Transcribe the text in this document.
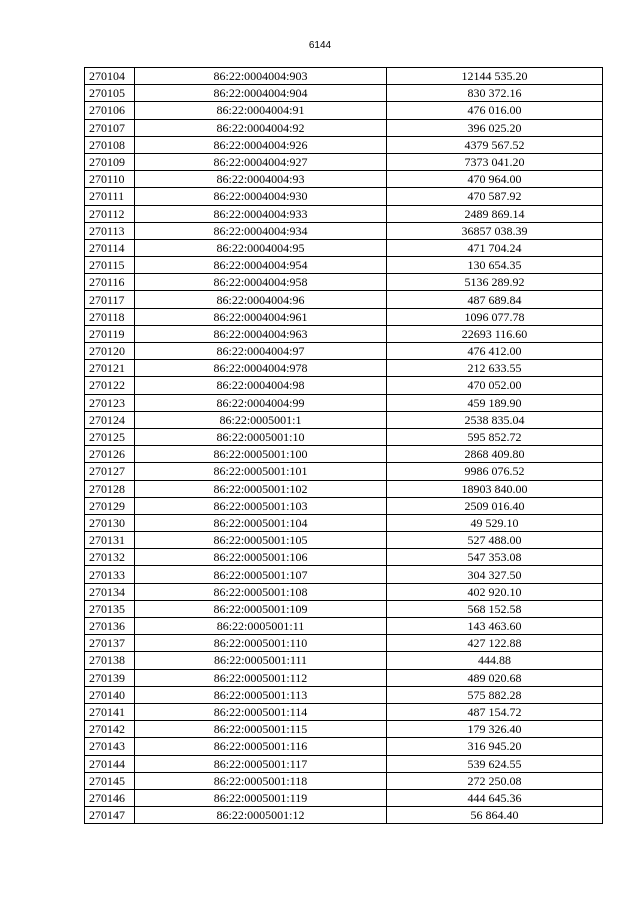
6144
270104	86:22:0004004:903	12144 535.20
270105	86:22:0004004:904	830 372.16
270106	86:22:0004004:91	476 016.00
270107	86:22:0004004:92	396 025.20
270108	86:22:0004004:926	4379 567.52
270109	86:22:0004004:927	7373 041.20
270110	86:22:0004004:93	470 964.00
270111	86:22:0004004:930	470 587.92
270112	86:22:0004004:933	2489 869.14
270113	86:22:0004004:934	36857 038.39
270114	86:22:0004004:95	471 704.24
270115	86:22:0004004:954	130 654.35
270116	86:22:0004004:958	5136 289.92
270117	86:22:0004004:96	487 689.84
270118	86:22:0004004:961	1096 077.78
270119	86:22:0004004:963	22693 116.60
270120	86:22:0004004:97	476 412.00
270121	86:22:0004004:978	212 633.55
270122	86:22:0004004:98	470 052.00
270123	86:22:0004004:99	459 189.90
270124	86:22:0005001:1	2538 835.04
270125	86:22:0005001:10	595 852.72
270126	86:22:0005001:100	2868 409.80
270127	86:22:0005001:101	9986 076.52
270128	86:22:0005001:102	18903 840.00
270129	86:22:0005001:103	2509 016.40
270130	86:22:0005001:104	49 529.10
270131	86:22:0005001:105	527 488.00
270132	86:22:0005001:106	547 353.08
270133	86:22:0005001:107	304 327.50
270134	86:22:0005001:108	402 920.10
270135	86:22:0005001:109	568 152.58
270136	86:22:0005001:11	143 463.60
270137	86:22:0005001:110	427 122.88
270138	86:22:0005001:111	444.88
270139	86:22:0005001:112	489 020.68
270140	86:22:0005001:113	575 882.28
270141	86:22:0005001:114	487 154.72
270142	86:22:0005001:115	179 326.40
270143	86:22:0005001:116	316 945.20
270144	86:22:0005001:117	539 624.55
270145	86:22:0005001:118	272 250.08
270146	86:22:0005001:119	444 645.36
270147	86:22:0005001:12	56 864.40
